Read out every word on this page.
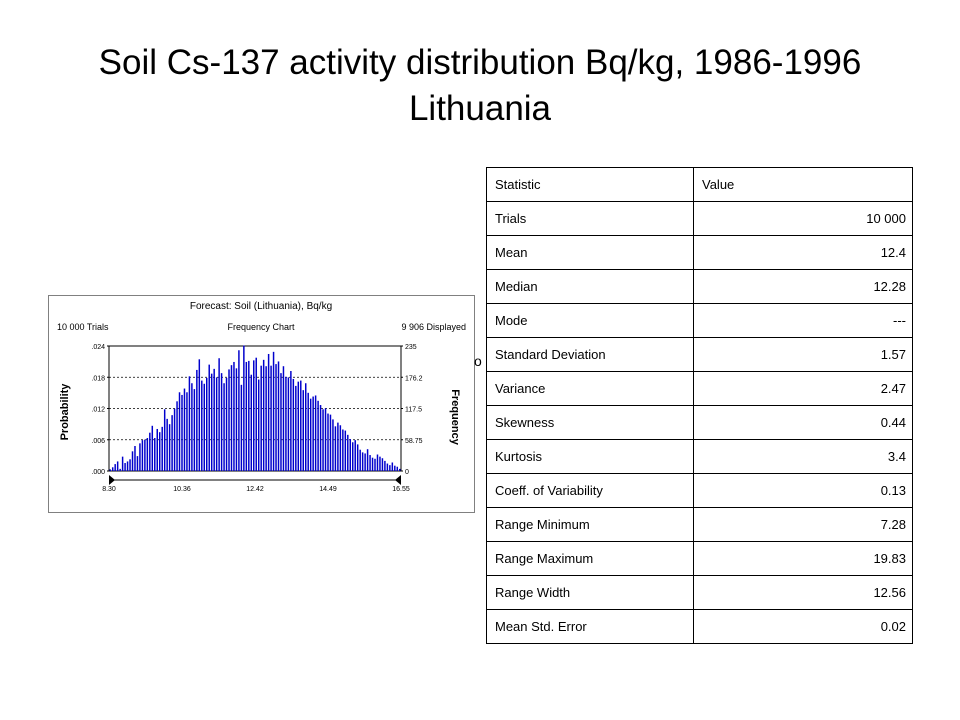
Soil Cs-137 activity distribution Bq/kg, 1986-1996
Lithuania
Forecast: Soil (Lithuania), Bq/kg
10 000 Trials	Frequency Chart	9 906 Displayed
Probability	Frequency
.000
.006
.012
.018
.024
0
58.75
117.5
176.2
235
8.30	10.36	12.42	14.49	16.55
o
Statistic	Value
Trials	10 000
Mean	12.4
Median	12.28
Mode	---
Standard Deviation	1.57
Variance	2.47
Skewness	0.44
Kurtosis	3.4
Coeff. of Variability	0.13
Range Minimum	7.28
Range Maximum	19.83
Range Width	12.56
Mean Std. Error	0.02
